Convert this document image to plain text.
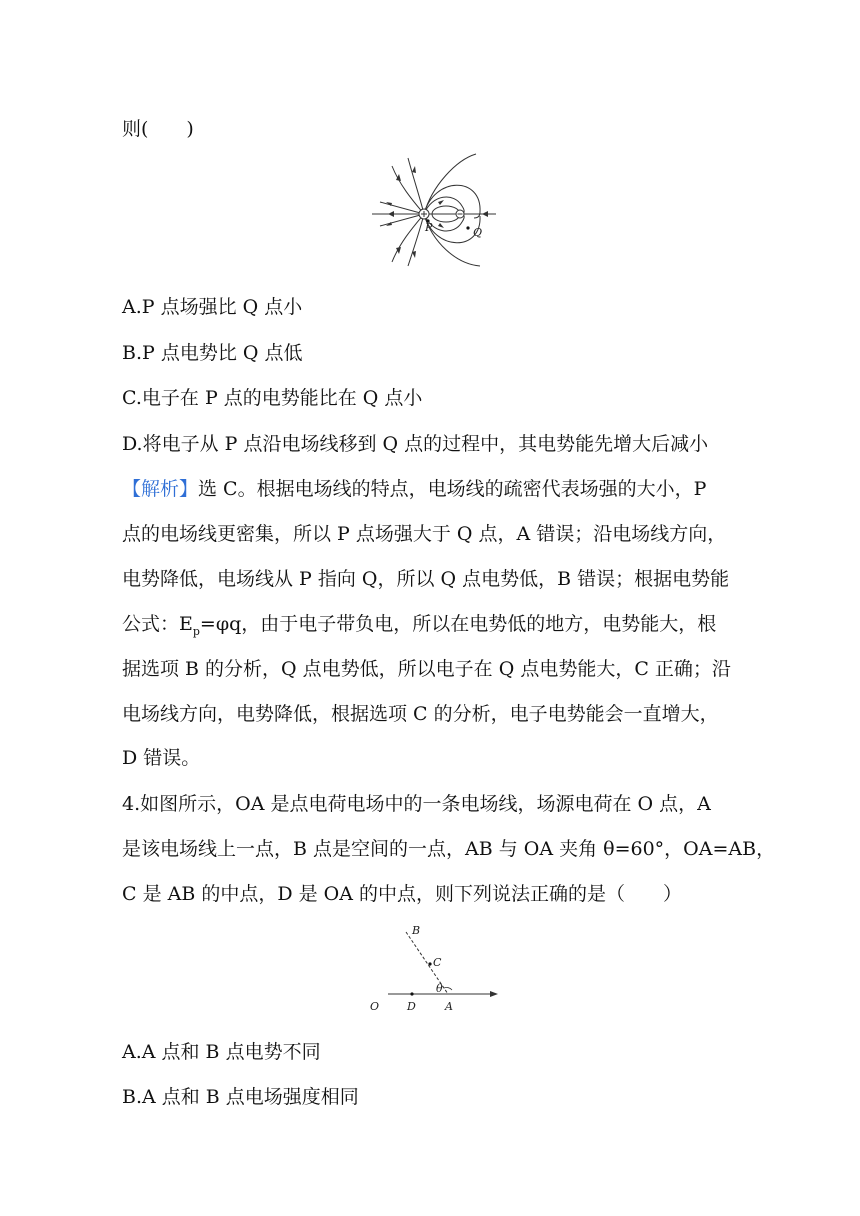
则(　　)
P	Q
A.P 点场强比 Q 点小
B.P 点电势比 Q 点低
C.电子在 P 点的电势能比在 Q 点小
D.将电子从 P 点沿电场线移到 Q 点的过程中，其电势能先增大后减小
【解析】选 C。根据电场线的特点，电场线的疏密代表场强的大小，P
点的电场线更密集，所以 P 点场强大于 Q 点，A 错误；沿电场线方向，
电势降低，电场线从 P 指向 Q，所以 Q 点电势低，B 错误；根据电势能
公式：$E_p=\varphi q$，由于电子带负电，所以在电势低的地方，电势能大，根
据选项 B 的分析，Q 点电势低，所以电子在 Q 点电势能大，C 正确；沿
电场线方向，电势降低，根据选项 C 的分析，电子电势能会一直增大，
D 错误。
4.如图所示，OA 是点电荷电场中的一条电场线，场源电荷在 O 点，A
是该电场线上一点，B 点是空间的一点，AB 与 OA 夹角 θ=60°，OA=AB，
C 是 AB 的中点，D 是 OA 的中点，则下列说法正确的是（　　）
B
C
θ
O	D	A
A.A 点和 B 点电势不同
B.A 点和 B 点电场强度相同
